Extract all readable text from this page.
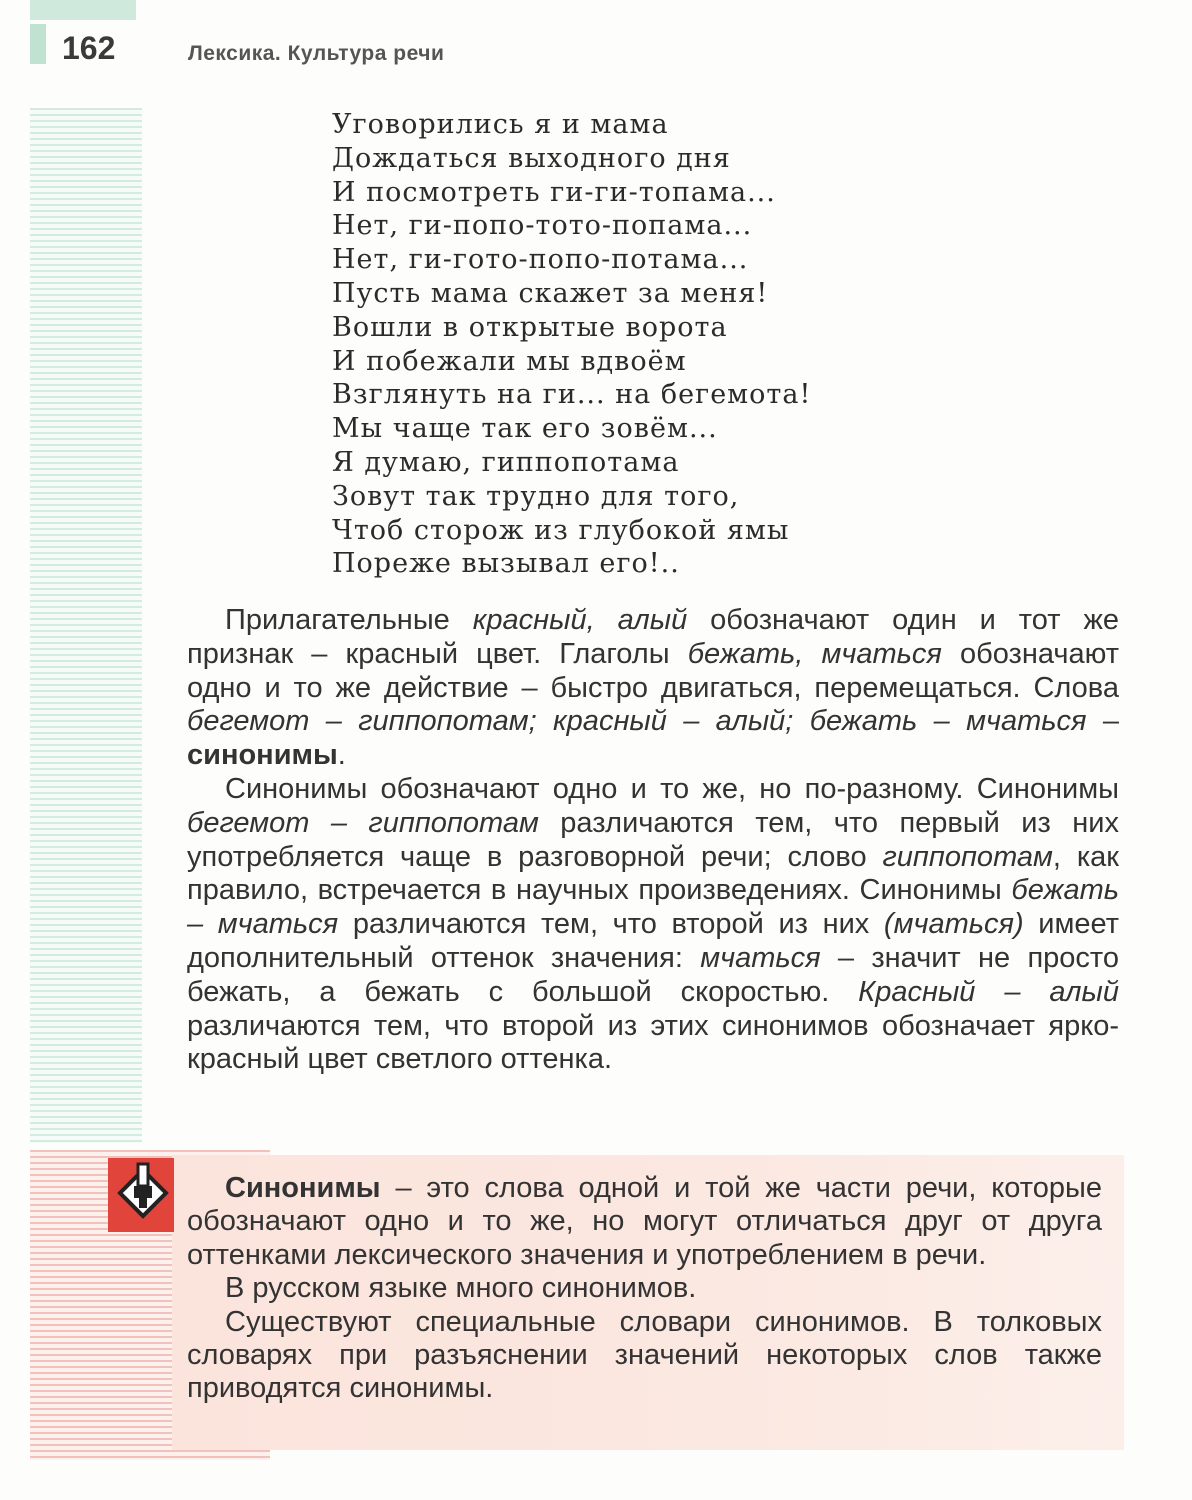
162	Лексика. Культура речи
Уговорились я и мама
Дождаться выходного дня
И посмотреть ги-ги-топама...
Нет, ги-попо-тото-попама...
Нет, ги-гото-попо-потама...
Пусть мама скажет за меня!
Вошли в открытые ворота
И побежали мы вдвоём
Взглянуть на ги... на бегемота!
Мы чаще так его зовём...
Я думаю, гиппопотама
Зовут так трудно для того,
Чтоб сторож из глубокой ямы
Пореже вызывал его!..

Прилагательные красный, алый обозначают один и тот же признак – красный цвет. Глаголы бежать, мчаться обозначают одно и то же действие – быстро двигаться, перемещаться. Слова бегемот – гиппопотам; красный – алый; бежать – мчаться – синонимы.

Синонимы обозначают одно и то же, но по-разному. Синонимы бегемот – гиппопотам различаются тем, что первый из них употребляется чаще в разговорной речи; слово гиппопотам, как правило, встречается в научных произведениях. Синонимы бежать – мчаться различаются тем, что второй из них (мчаться) имеет дополнительный оттенок значения: мчаться – значит не просто бежать, а бежать с большой скоростью. Красный – алый различаются тем, что второй из этих синонимов обозначает ярко-красный цвет светлого оттенка.

Синонимы – это слова одной и той же части речи, которые обозначают одно и то же, но могут отличаться друг от друга оттенками лексического значения и употреблением в речи.

В русском языке много синонимов.

Существуют специальные словари синонимов. В толковых словарях при разъяснении значений некоторых слов также приводятся синонимы.
